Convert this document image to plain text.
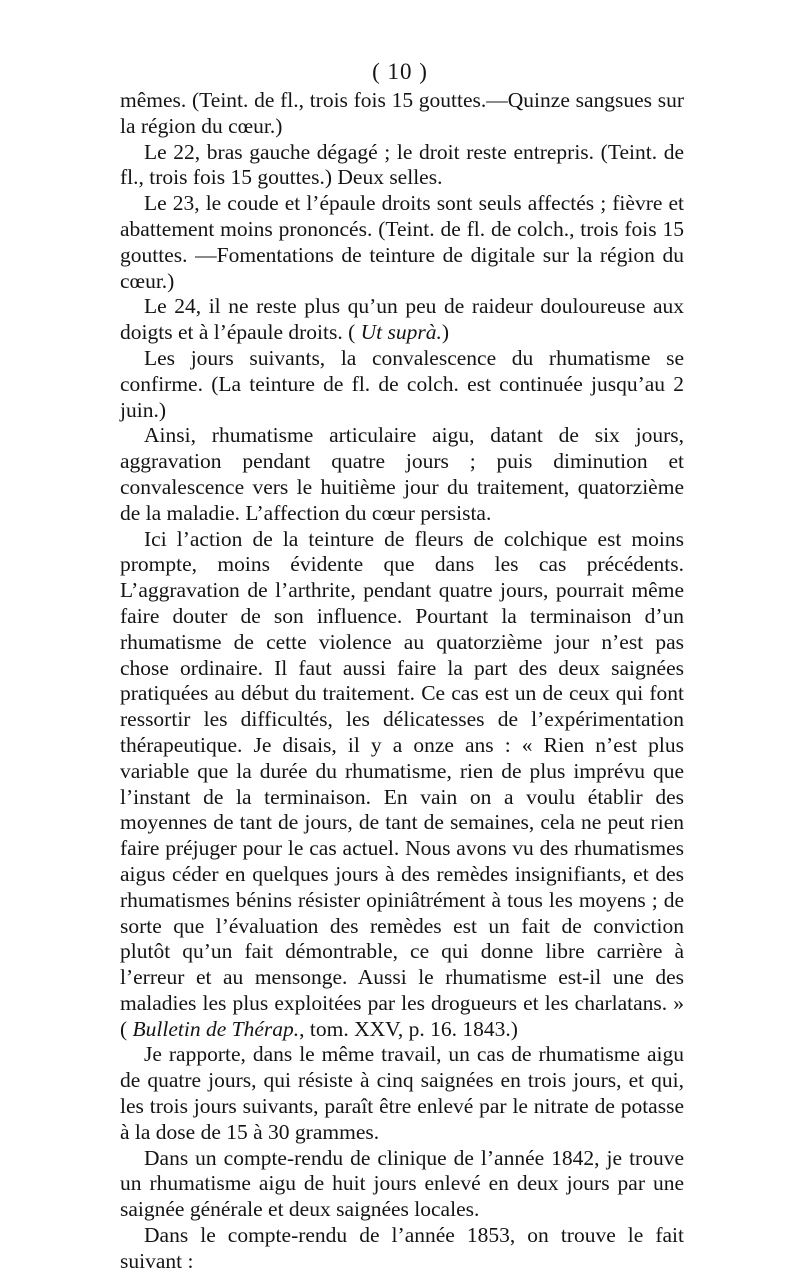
( 10 )

mêmes. (Teint. de fl., trois fois 15 gouttes.—Quinze sangsues sur la région du cœur.)

Le 22, bras gauche dégagé ; le droit reste entrepris. (Teint. de fl., trois fois 15 gouttes.) Deux selles.

Le 23, le coude et l’épaule droits sont seuls affectés ; fièvre et abattement moins prononcés. (Teint. de fl. de colch., trois fois 15 gouttes. —Fomentations de teinture de digitale sur la région du cœur.)

Le 24, il ne reste plus qu’un peu de raideur douloureuse aux doigts et à l’épaule droits. ( Ut suprà.)

Les jours suivants, la convalescence du rhumatisme se confirme. (La teinture de fl. de colch. est continuée jusqu’au 2 juin.)

Ainsi, rhumatisme articulaire aigu, datant de six jours, aggravation pendant quatre jours ; puis diminution et convalescence vers le huitième jour du traitement, quatorzième de la maladie. L’affection du cœur persista.

Ici l’action de la teinture de fleurs de colchique est moins prompte, moins évidente que dans les cas précédents. L’aggravation de l’arthrite, pendant quatre jours, pourrait même faire douter de son influence. Pourtant la terminaison d’un rhumatisme de cette violence au quatorzième jour n’est pas chose ordinaire. Il faut aussi faire la part des deux saignées pratiquées au début du traitement. Ce cas est un de ceux qui font ressortir les difficultés, les délicatesses de l’expérimentation thérapeutique. Je disais, il y a onze ans : « Rien n’est plus variable que la durée du rhumatisme, rien de plus imprévu que l’instant de la terminaison. En vain on a voulu établir des moyennes de tant de jours, de tant de semaines, cela ne peut rien faire préjuger pour le cas actuel. Nous avons vu des rhumatismes aigus céder en quelques jours à des remèdes insignifiants, et des rhumatismes bénins résister opiniâtrément à tous les moyens ; de sorte que l’évaluation des remèdes est un fait de conviction plutôt qu’un fait démontrable, ce qui donne libre carrière à l’erreur et au mensonge. Aussi le rhumatisme est-il une des maladies les plus exploitées par les drogueurs et les charlatans. » ( Bulletin de Thérap., tom. XXV, p. 16. 1843.)

Je rapporte, dans le même travail, un cas de rhumatisme aigu de quatre jours, qui résiste à cinq saignées en trois jours, et qui, les trois jours suivants, paraît être enlevé par le nitrate de potasse à la dose de 15 à 30 grammes.

Dans un compte-rendu de clinique de l’année 1842, je trouve un rhumatisme aigu de huit jours enlevé en deux jours par une saignée générale et deux saignées locales.

Dans le compte-rendu de l’année 1853, on trouve le fait suivant :
